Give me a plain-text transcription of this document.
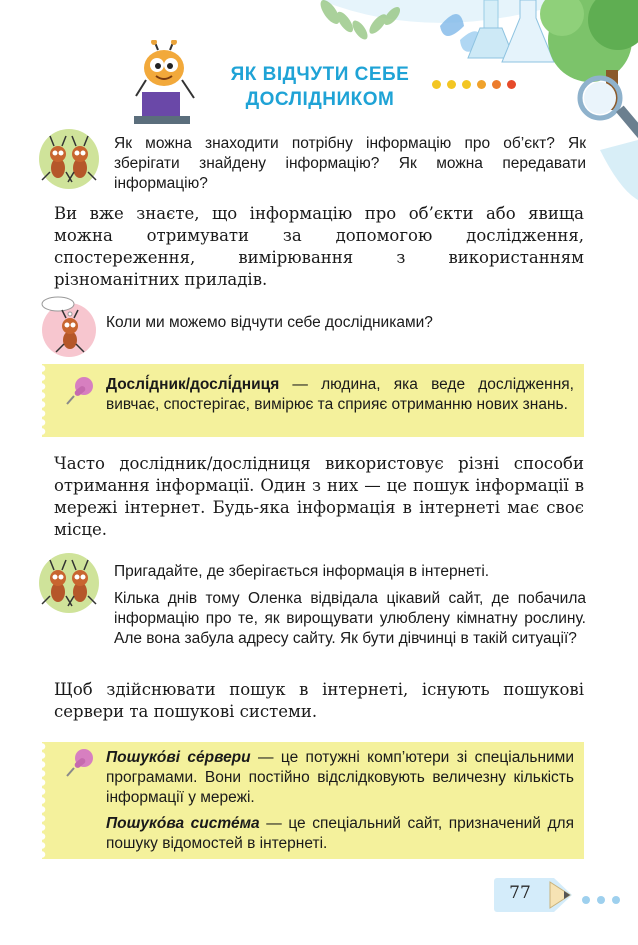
ЯК ВІДЧУТИ СЕБЕ
ДОСЛІДНИКОМ
Як можна знаходити потрібну інформацію про об’єкт? Як зберігати знайдену інформацію? Як можна передавати інформацію?
Ви вже знаєте, що інформацію про об’єкти або явища можна отримувати за допомогою дослідження, спостереження, вимірювання з використанням різноманітних приладів.
Коли ми можемо відчути себе дослідниками?
Дослі́дник/дослі́дниця — людина, яка веде дослідження, вивчає, спостерігає, вимірює та сприяє отриманню нових знань.
Часто дослідник/дослідниця використовує різні способи отримання інформації. Один з них — це пошук інформації в мережі інтернет. Будь-яка інформація в інтернеті має своє місце.
Пригадайте, де зберігається інформація в інтернеті.
Кілька днів тому Оленка відвідала цікавий сайт, де побачила інформацію про те, як вирощувати улюблену кімнатну рослину. Але вона забула адресу сайту. Як бути дівчинці в такій ситуації?
Щоб здійснювати пошук в інтернеті, існують пошукові сервери та пошукові системи.
Пошуко́ві се́рвери — це потужні комп’ютери зі спеціальними програмами. Вони постійно відслідковують величезну кількість інформації у мережі.
Пошуко́ва систе́ма — це спеціальний сайт, призначений для пошуку відомостей в інтернеті.
77
